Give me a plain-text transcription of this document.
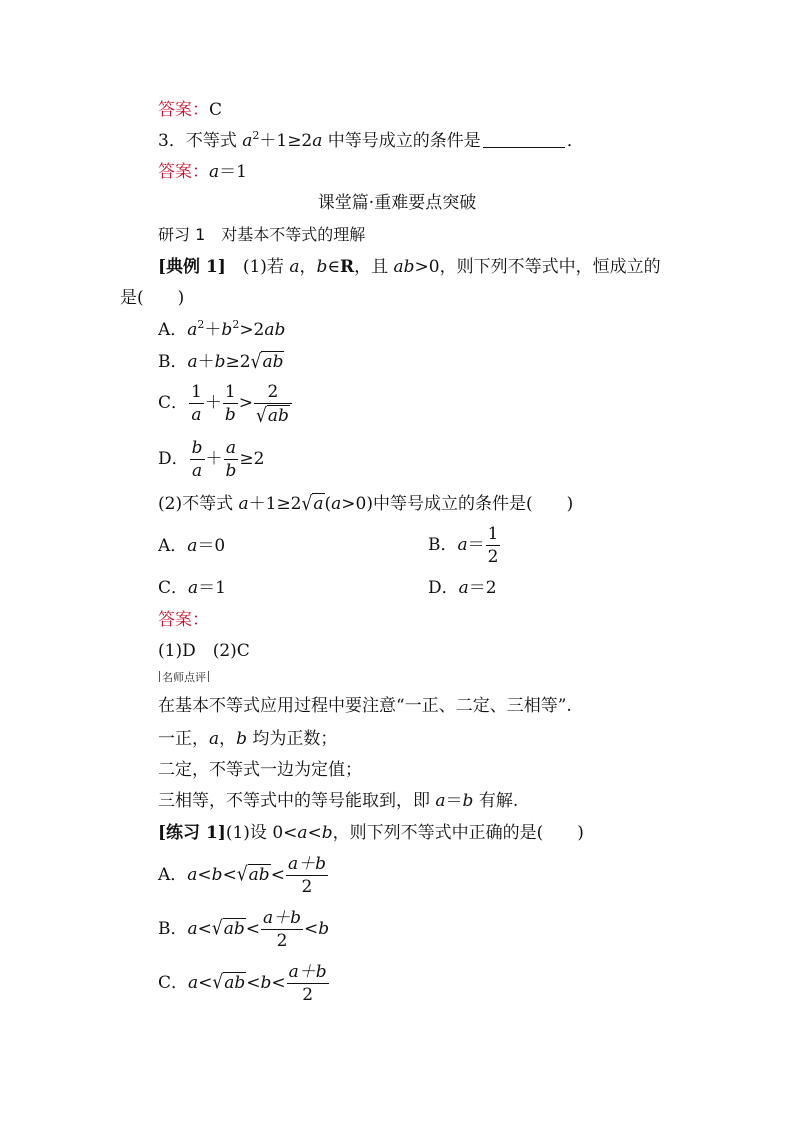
答案：C
3．不等式 $a^2+1\ge 2a$ 中等号成立的条件是	．
答案：a＝1
课堂篇·重难要点突破
研习 1　对基本不等式的理解
[典例 1]　(1)若 a，b∈R，且 ab>0，则下列不等式中，恒成立的
是(　　)
A．$a^2+b^2>2ab$
B．a＋b≥2√ab
C． $\frac{1}{a} + \frac{1}{b} > \frac{2}{√ab}$
D． $\frac{b}{a} + \frac{a}{b} \ge 2$
(2)不等式 a＋1≥2√a(a>0)中等号成立的条件是(　　)
A．a＝0	B．$a= \frac{1}{2}$
C．a＝1	D．a＝2
答案：
(1)D　(2)C
名师点评
在基本不等式应用过程中要注意“一正、二定、三相等”.
一正，a，b 均为正数；
二定，不等式一边为定值；
三相等，不等式中的等号能取到，即 a＝b 有解.
[练习 1](1)设 0<a<b，则下列不等式中正确的是(　　)
A．$a<b<√ab< \frac{a+b}{2}$
B．$a<√ab< \frac{a+b}{2} <b$
C．$a<√ab<b< \frac{a+b}{2}$
